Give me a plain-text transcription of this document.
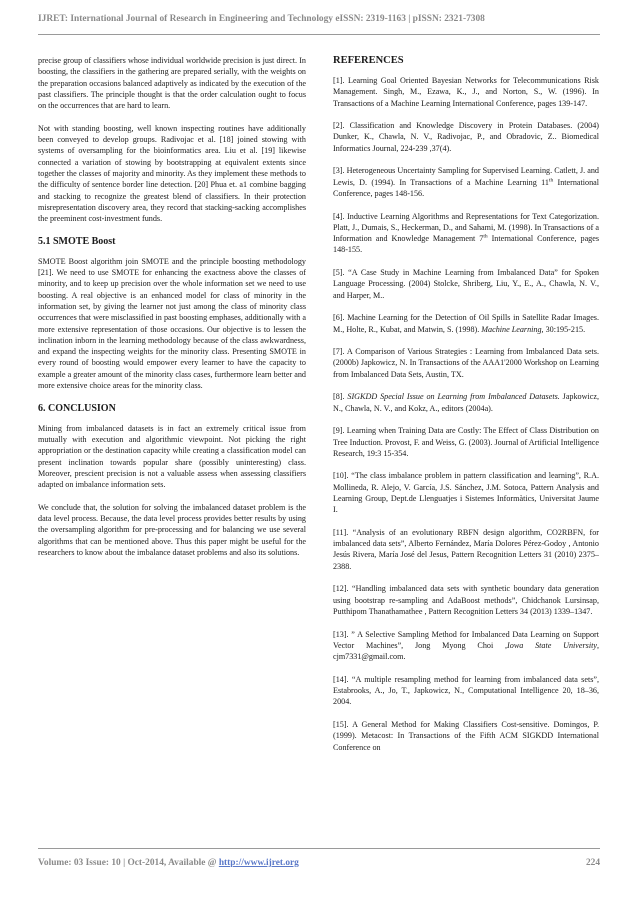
IJRET: International Journal of Research in Engineering and Technology eISSN: 2319-1163 | pISSN: 2321-7308

precise group of classifiers whose individual worldwide precision is just direct. In boosting, the classifiers in the gathering are prepared serially, with the weights on the preparation occasions balanced adaptively as indicated by the execution of the past classifiers. The principle thought is that the order calculation ought to focus on the occurrences that are hard to learn.

Not with standing boosting, well known inspecting routines have additionally been conveyed to develop groups. Radivojac et al. [18] joined stowing with systems of oversampling for the bioinformatics area. Liu et al. [19] likewise connected a variation of stowing by bootstrapping at equivalent extents since together the classes of majority and minority. As they implement these methods to the difficulty of sentence border line detection. [20] Phua et. a1 combine bagging and stacking to recognize the greatest blend of classifiers. In their protection misrepresentation discovery area, they record that stacking-sacking accomplishes the preeminent cost-investment funds.

5.1 SMOTE Boost

SMOTE Boost algorithm join SMOTE and the principle boosting methodology [21]. We need to use SMOTE for enhancing the exactness above the classes of minority, and to keep up precision over the whole information set we need to use boosting. A real objective is an enhanced model for class of minority in the information set, by giving the learner not just among the class of minority class occurrences that were misclassified in past boosting emphases, additionally with a more extensive representation of those occasions. Our objective is to lessen the inclination inborn in the learning methodology because of the class awkwardness, and expand the inspecting weights for the minority class. Presenting SMOTE in every round of boosting would empower every learner to have the capacity to example a greater amount of the minority class cases, furthermore learn better and more extensive choice areas for the minority class.

6. CONCLUSION

Mining from imbalanced datasets is in fact an extremely critical issue from mutually with execution and algorithmic viewpoint. Not picking the right appropriation or the destination capacity while creating a classification model can present inclination towards popular share (possibly uninteresting) class. Moreover, prescient precision is not a valuable assess when assessing classifiers adapted on imbalance information sets.

We conclude that, the solution for solving the imbalanced dataset problem is the data level process. Because, the data level process provides better results by using the oversampling algorithm for pre-processing and for balancing we use several algorithms that can be mentioned above. Thus this paper might be useful for the researchers to know about the imbalance dataset problems and also its solutions.

REFERENCES

[1]. Learning Goal Oriented Bayesian Networks for Telecommunications Risk Management. Singh, M., Ezawa, K., J., and Norton, S., W. (1996). In Transactions of a Machine Learning International Conference, pages 139-147.

[2]. Classification and Knowledge Discovery in Protein Databases. (2004) Dunker, K., Chawla, N. V., Radivojac, P., and Obradovic, Z.. Biomedical Informatics Journal, 224-239 ,37(4).

[3]. Heterogeneous Uncertainty Sampling for Supervised Learning. Catlett, J. and Lewis, D. (1994). In Transactions of a Machine Learning 11th International Conference, pages 148-156.

[4]. Inductive Learning Algorithms and Representations for Text Categorization. Platt, J., Dumais, S., Heckerman, D., and Sahami, M. (1998). In Transactions of a Information and Knowledge Management 7th International Conference, pages 148-155.

[5]. “A Case Study in Machine Learning from Imbalanced Data” for Spoken Language Processing. (2004) Stolcke, Shriberg, Liu, Y., E., A., Chawla, N. V., and Harper, M..

[6]. Machine Learning for the Detection of Oil Spills in Satellite Radar Images. M., Holte, R., Kubat, and Matwin, S. (1998). Machine Learning, 30:195-215.

[7]. A Comparison of Various Strategies : Learning from Imbalanced Data sets. (2000b) Japkowicz, N. In Transactions of the AAA1'2000 Workshop on Learning from Imbalanced Data Sets, Austin, TX.

[8]. SIGKDD Special Issue on Learning from Imbalanced Datasets. Japkowicz, N., Chawla, N. V., and Kokz, A., editors (2004a).

[9]. Learning when Training Data are Costly: The Effect of Class Distribution on Tree Induction. Provost, F. and Weiss, G. (2003). Journal of Artificial Intelligence Research, 19:3 15-354.

[10]. “The class imbalance problem in pattern classification and learning”, R.A. Mollineda, R. Alejo, V. García, J.S. Sánchez, J.M. Sotoca, Pattern Analysis and Learning Group, Dept.de Llenguatjes i Sistemes Informàtics, Universitat Jaume I.

[11]. “Analysis of an evolutionary RBFN design algorithm, CO2RBFN, for imbalanced data sets”, Alberto Fernández, María Dolores Pérez-Godoy , Antonio Jesús Rivera, María José del Jesus, Pattern Recognition Letters 31 (2010) 2375–2388.

[12]. “Handling imbalanced data sets with synthetic boundary data generation using bootstrap re-sampling and AdaBoost methods”, Chidchanok Lursinsap, Putthipom Thanathamathee , Pattern Recognition Letters 34 (2013) 1339–1347.

[13]. ” A Selective Sampling Method for Imbalanced Data Learning on Support Vector Machines”, Jong Myong Choi ,Iowa State University, cjm7331@gmail.com.

[14]. “A multiple resampling method for learning from imbalanced data sets”, Estabrooks, A., Jo, T., Japkowicz, N., Computational Intelligence 20, 18–36, 2004.

[15]. A General Method for Making Classifiers Cost-sensitive. Domingos, P. (1999). Metacost: In Transactions of the Fifth ACM SIGKDD International Conference on

Volume: 03 Issue: 10 | Oct-2014, Available @ http://www.ijret.org	224
